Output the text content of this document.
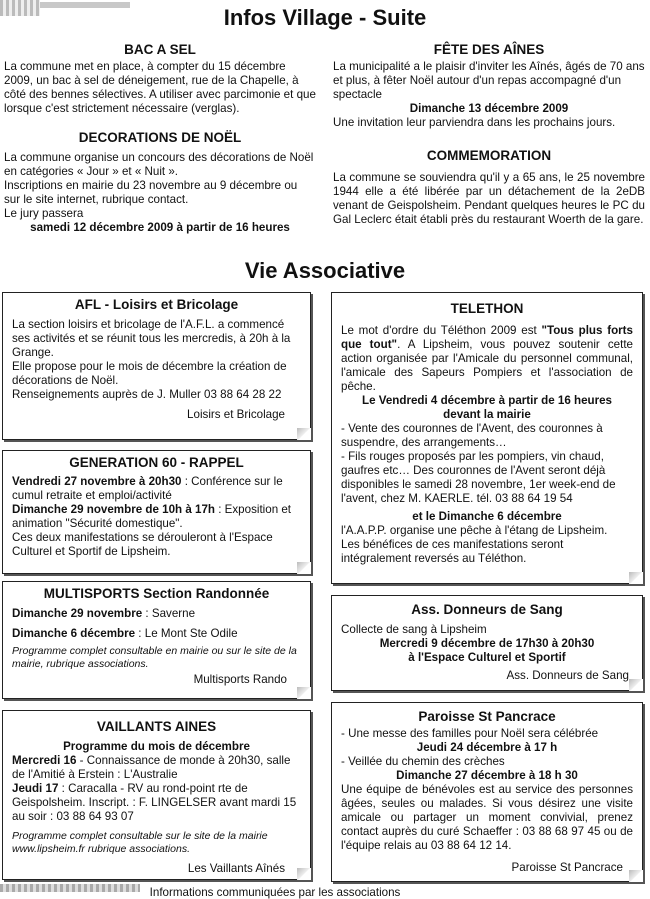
Infos Village - Suite
BAC A SEL

La commune met en place, à compter du 15 décembre 2009, un bac à sel de déneigement, rue de la Chapelle, à côté des bennes sélectives. A utiliser avec parcimonie et que lorsque c'est strictement nécessaire (verglas).

DECORATIONS DE NOËL

La commune organise un concours des décorations de Noël en catégories « Jour » et « Nuit ».

Inscriptions en mairie du 23 novembre au 9 décembre ou sur le site internet, rubrique contact.

Le jury passera

samedi 12 décembre 2009 à partir de 16 heures

FÊTE DES AÎNES

La municipalité a le plaisir d'inviter les Aînés, âgés de 70 ans et plus, à fêter Noël autour d'un repas accompagné d'un spectacle

Dimanche 13 décembre 2009

Une invitation leur parviendra dans les prochains jours.

COMMEMORATION

La commune se souviendra qu'il y a 65 ans, le 25 novembre 1944 elle a été libérée par un détachement de la 2eDB venant de Geispolsheim. Pendant quelques heures le PC du Gal Leclerc était établi près du restaurant Woerth de la gare.

Vie Associative
AFL - Loisirs et Bricolage

La section loisirs et bricolage de l'A.F.L. a commencé ses activités et se réunit tous les mercredis, à 20h à la Grange.

Elle propose pour le mois de décembre la création de décorations de Noël.

Renseignements auprès de J. Muller 03 88 64 28 22

Loisirs et Bricolage
GENERATION 60 - RAPPEL

Vendredi 27 novembre à 20h30 : Conférence sur le cumul retraite et emploi/activité

Dimanche 29 novembre de 10h à 17h : Exposition et animation "Sécurité domestique".

Ces deux manifestations se dérouleront à l'Espace Culturel et Sportif de Lipsheim.

MULTISPORTS Section Randonnée

Dimanche 29 novembre : Saverne

Dimanche 6 décembre : Le Mont Ste Odile

Programme complet consultable en mairie ou sur le site de la mairie, rubrique associations.

Multisports Rando
VAILLANTS AINES

Programme du mois de décembre

Mercredi 16 - Connaissance de monde à 20h30, salle de l'Amitié à Erstein : L'Australie

Jeudi 17 : Caracalla - RV au rond-point rte de Geispolsheim. Inscript. : F. LINGELSER avant mardi 15 au soir : 03 88 64 93 07

Programme complet consultable sur le site de la mairie www.lipsheim.fr rubrique associations.

Les Vaillants Aînés
TELETHON

Le mot d'ordre du Téléthon 2009 est "Tous plus forts que tout". A Lipsheim, vous pouvez soutenir cette action organisée par l'Amicale du personnel communal, l'amicale des Sapeurs Pompiers et l'association de pêche.

Le Vendredi 4 décembre à partir de 16 heures

devant la mairie

- Vente des couronnes de l'Avent, des couronnes à suspendre, des arrangements…

- Fils rouges proposés par les pompiers, vin chaud, gaufres etc… Des couronnes de l'Avent seront déjà disponibles le samedi 28 novembre, 1er week-end de l'avent, chez M. KAERLE. tél. 03 88 64 19 54

et le Dimanche 6 décembre

l'A.A.P.P. organise une pêche à l'étang de Lipsheim.

Les bénéfices de ces manifestations seront intégralement reversés au Téléthon.

Ass. Donneurs de Sang

Collecte de sang à Lipsheim

Mercredi 9 décembre de 17h30 à 20h30

à l'Espace Culturel et Sportif

Ass. Donneurs de Sang
Paroisse St Pancrace

- Une messe des familles pour Noël sera célébrée

Jeudi 24 décembre à 17 h

- Veillée du chemin des crèches

Dimanche 27 décembre à 18 h 30

Une équipe de bénévoles est au service des personnes âgées, seules ou malades. Si vous désirez une visite amicale ou partager un moment convivial, prenez contact auprès du curé Schaeffer : 03 88 68 97 45 ou de l'équipe relais au 03 88 64 12 14.

Paroisse St Pancrace
Informations communiquées par les associations
